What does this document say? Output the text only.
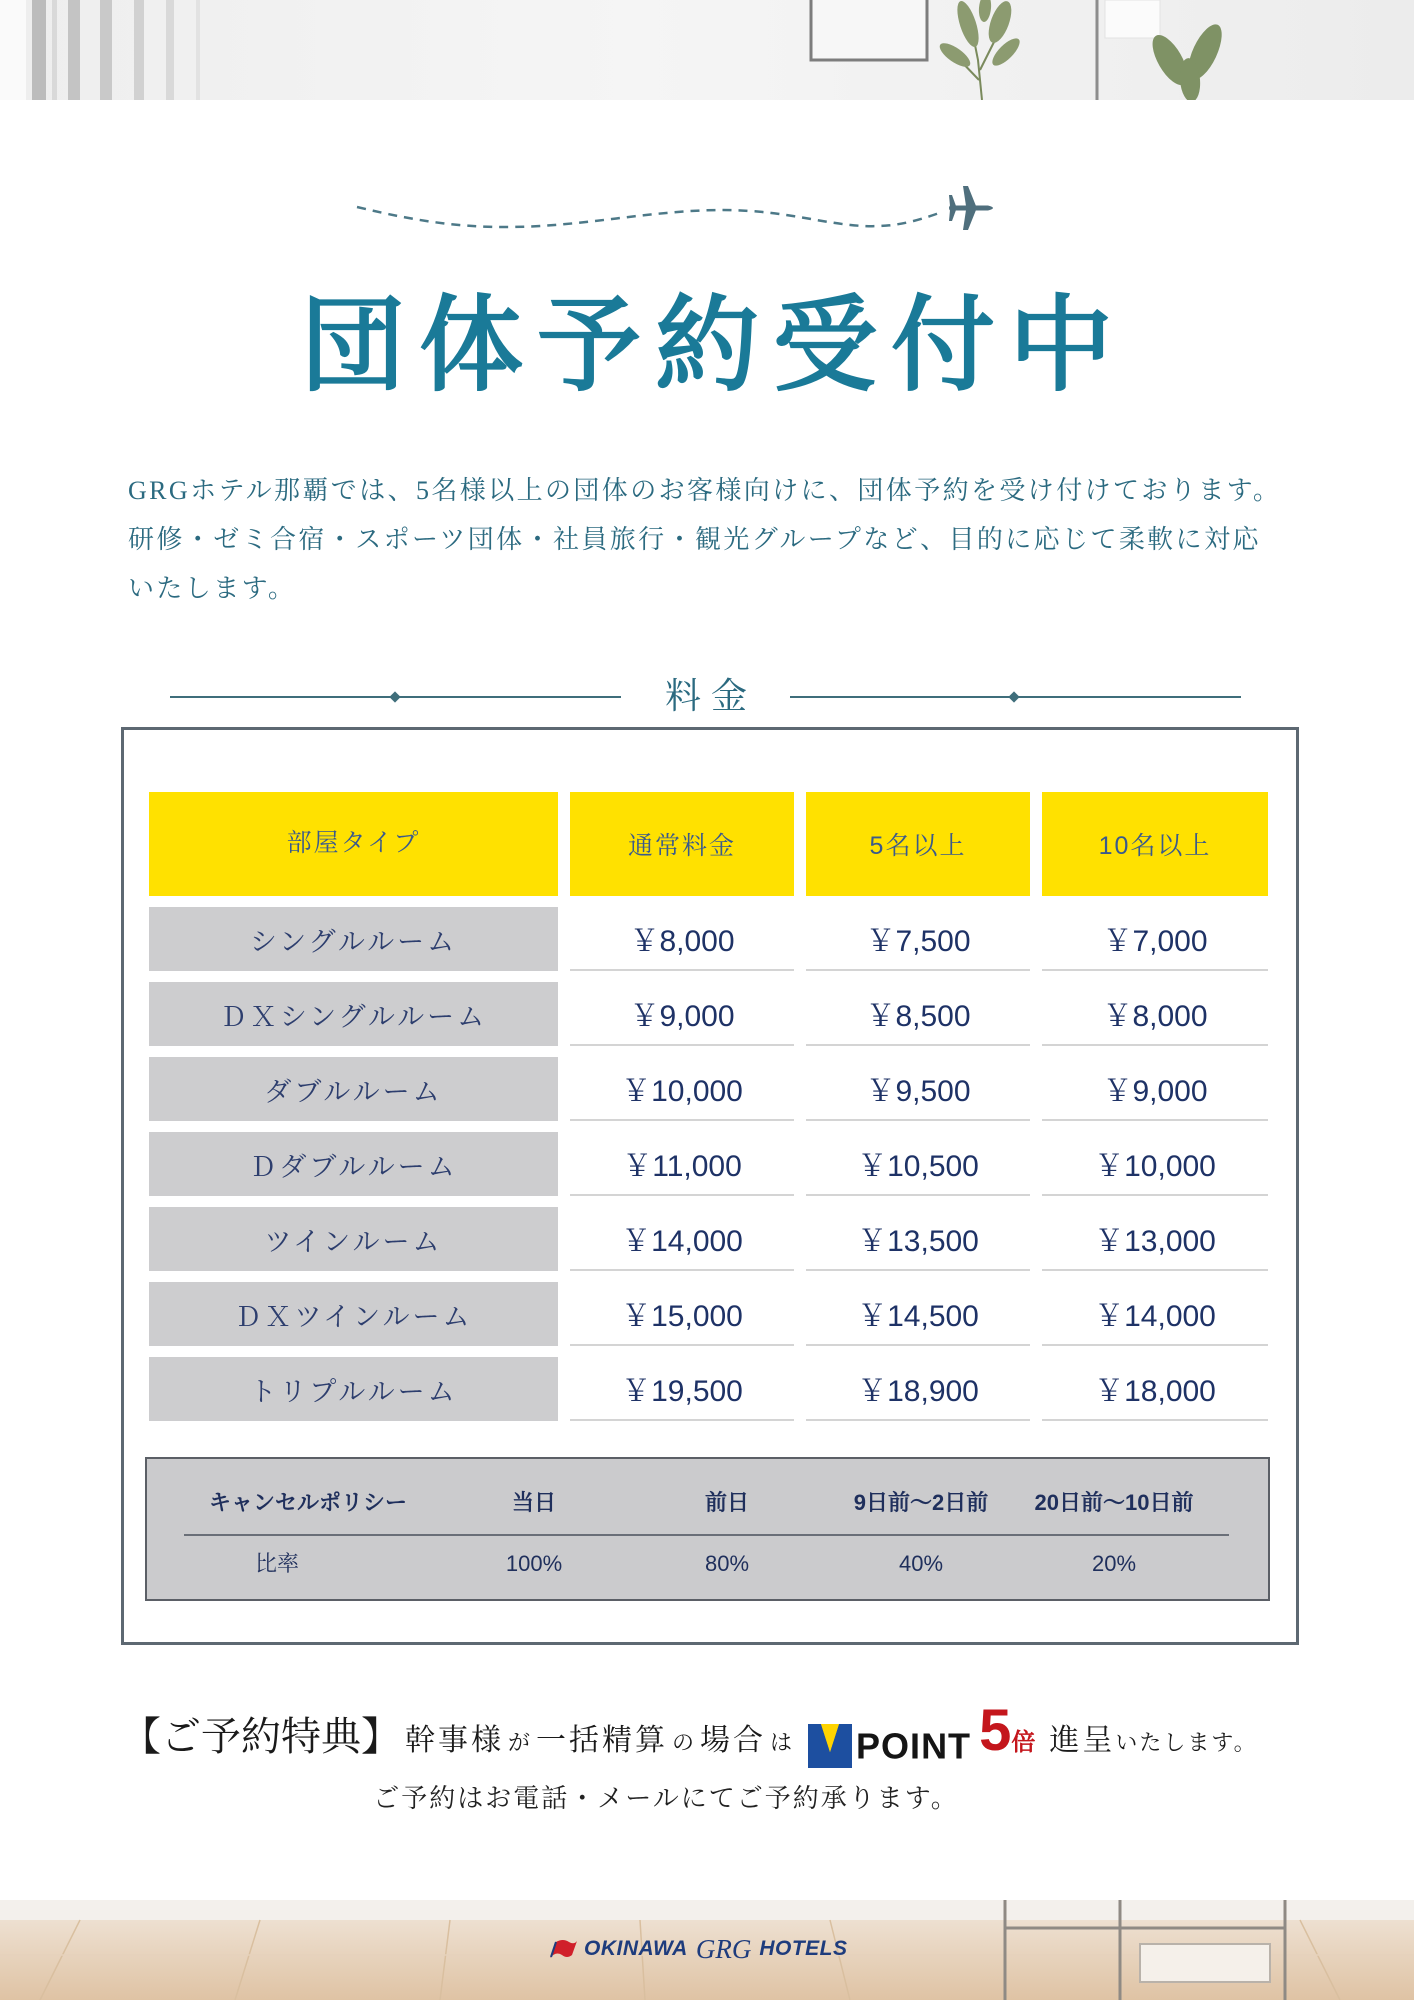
団体予約受付中
GRGホテル那覇では、5名様以上の団体のお客様向けに、団体予約を受け付けております。
研修・ゼミ合宿・スポーツ団体・社員旅行・観光グループなど、目的に応じて柔軟に対応
いたします。
料金
部屋タイプ	通常料金	5名以上	10名以上
シングルルーム	￥8,000	￥7,500	￥7,000
ＤＸシングルルーム	￥9,000	￥8,500	￥8,000
ダブルルーム	￥10,000	￥9,500	￥9,000
Ｄダブルルーム	￥11,000	￥10,500	￥10,000
ツインルーム	￥14,000	￥13,500	￥13,000
ＤＸツインルーム	￥15,000	￥14,500	￥14,000
トリプルルーム	￥19,500	￥18,900	￥18,000
キャンセルポリシー	当日	前日	9日前～2日前	20日前～10日前
比率	100%	80%	40%	20%
【ご予約特典】 幹事様 が 一括精算 の 場合 は POINT 5倍 進呈いたします。
ご予約はお電話・メールにてご予約承ります。
OKINAWA GRG HOTELS
